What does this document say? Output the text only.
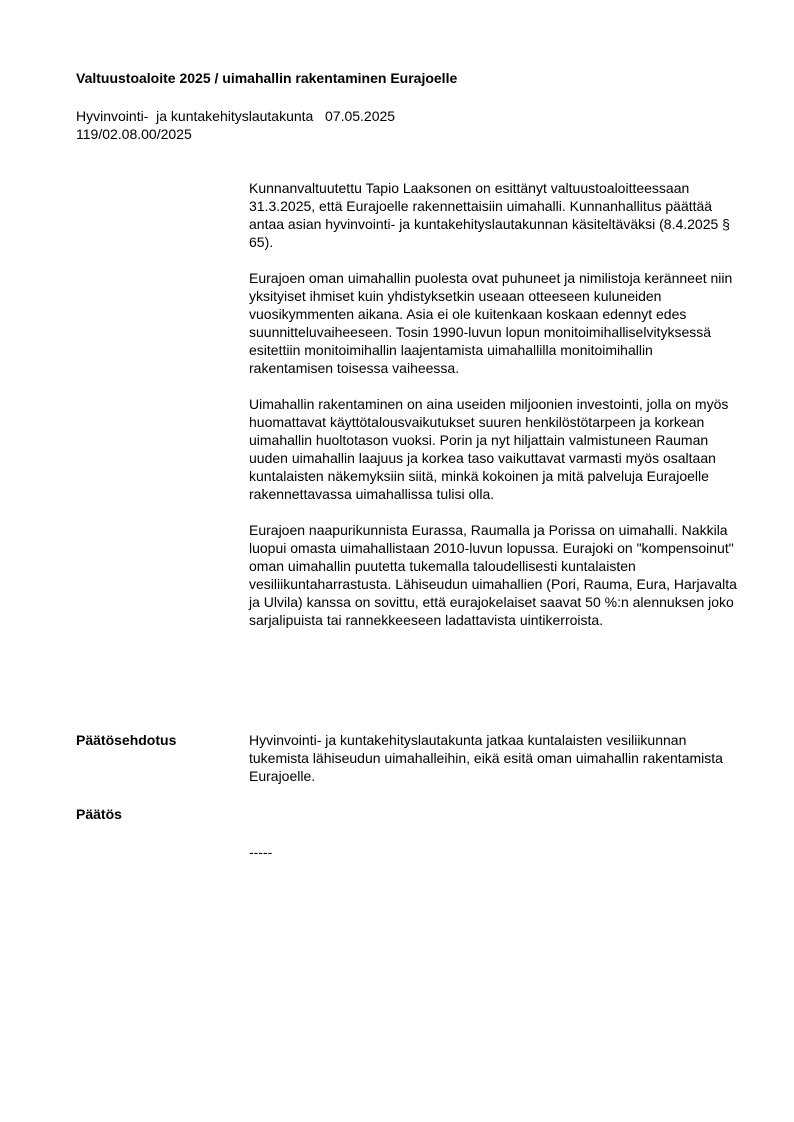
Valtuustoaloite 2025 / uimahallin rakentaminen Eurajoelle
Hyvinvointi-  ja kuntakehityslautakunta   07.05.2025
119/02.08.00/2025

Kunnanvaltuutettu Tapio Laaksonen on esittänyt valtuustoaloitteessaan 31.3.2025, että Eurajoelle rakennettaisiin uimahalli. Kunnanhallitus päättää antaa asian hyvinvointi- ja kuntakehityslautakunnan käsiteltäväksi (8.4.2025 § 65).

Eurajoen oman uimahallin puolesta ovat puhuneet ja nimilistoja keränneet niin yksityiset ihmiset kuin yhdistyksetkin useaan otteeseen kuluneiden vuosikymmenten aikana. Asia ei ole kuitenkaan koskaan edennyt edes suunnitteluvaiheeseen. Tosin 1990-luvun lopun monitoimihalliselvityksessä esitettiin monitoimihallin laajentamista uimahallilla monitoimihallin rakentamisen toisessa vaiheessa.

Uimahallin rakentaminen on aina useiden miljoonien investointi, jolla on myös huomattavat käyttötalousvaikutukset suuren henkilöstötarpeen ja korkean uimahallin huoltotason vuoksi. Porin ja nyt hiljattain valmistuneen Rauman uuden uimahallin laajuus ja korkea taso vaikuttavat varmasti myös osaltaan kuntalaisten näkemyksiin siitä, minkä kokoinen ja mitä palveluja Eurajoelle rakennettavassa uimahallissa tulisi olla.

Eurajoen naapurikunnista Eurassa, Raumalla ja Porissa on uimahalli. Nakkila luopui omasta uimahallistaan 2010-luvun lopussa. Eurajoki on "kompensoinut" oman uimahallin puutetta tukemalla taloudellisesti kuntalaisten vesiliikuntaharrastusta. Lähiseudun uimahallien (Pori, Rauma, Eura, Harjavalta ja Ulvila) kanssa on sovittu, että eurajokelaiset saavat 50 %:n alennuksen joko sarjalipuista tai rannekkeeseen ladattavista uintikerroista.

Päätösehdotus	Hyvinvointi- ja kuntakehityslautakunta jatkaa kuntalaisten vesiliikunnan tukemista lähiseudun uimahalleihin, eikä esitä oman uimahallin rakentamista Eurajoelle.

Päätös

-----
